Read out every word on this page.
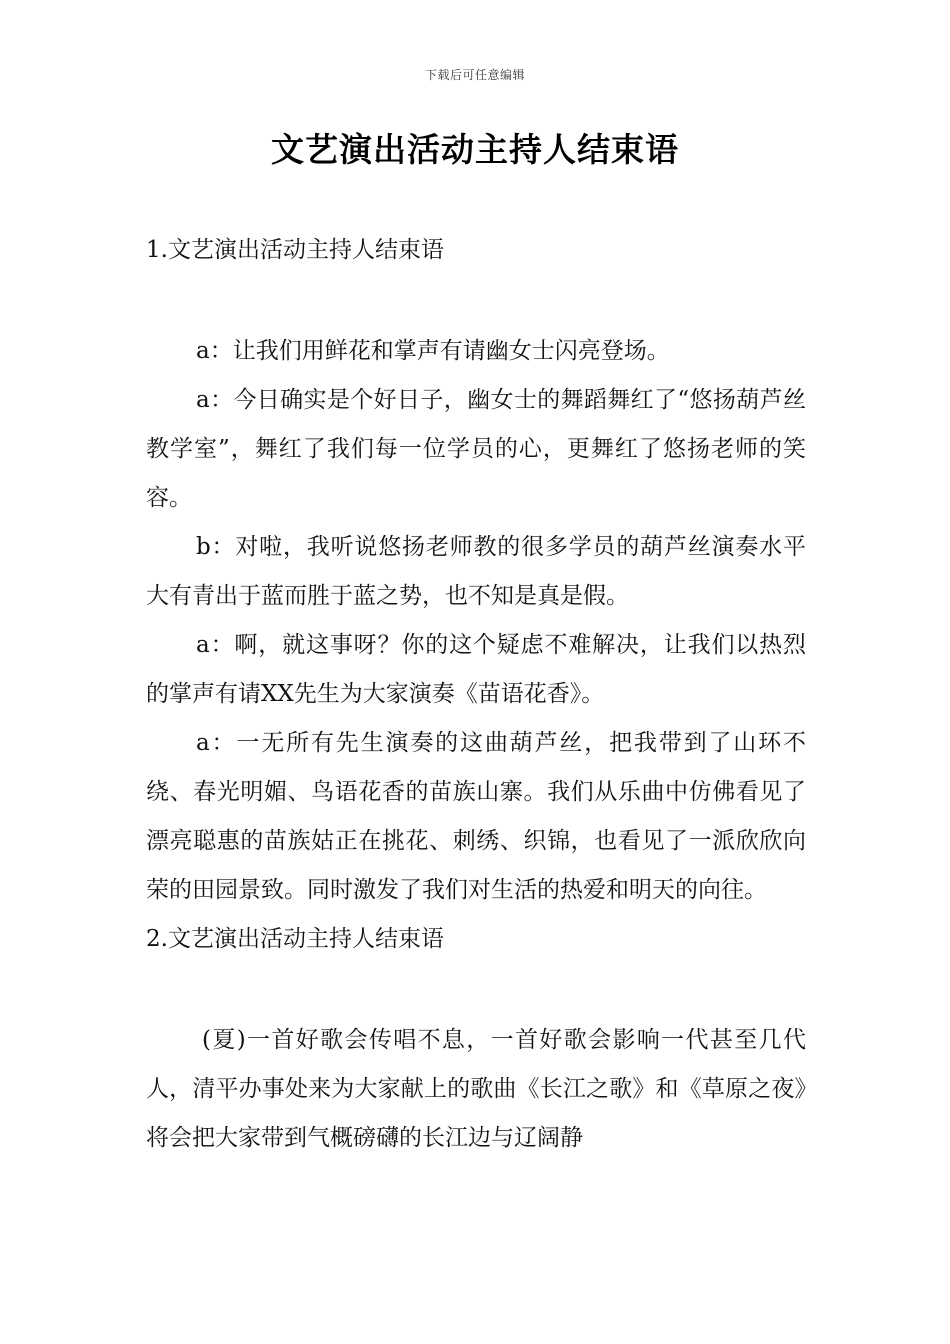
下载后可任意编辑
文艺演出活动主持人结束语

1.文艺演出活动主持人结束语

a：让我们用鲜花和掌声有请幽女士闪亮登场。

a：今日确实是个好日子，幽女士的舞蹈舞红了“悠扬葫芦丝教学室”，舞红了我们每一位学员的心，更舞红了悠扬老师的笑容。

b：对啦，我听说悠扬老师教的很多学员的葫芦丝演奏水平大有青出于蓝而胜于蓝之势，也不知是真是假。

a：啊，就这事呀？你的这个疑虑不难解决，让我们以热烈的掌声有请XX先生为大家演奏《苗语花香》。

a：一无所有先生演奏的这曲葫芦丝，把我带到了山环不绕、春光明媚、鸟语花香的苗族山寨。我们从乐曲中仿佛看见了漂亮聪惠的苗族姑正在挑花、刺绣、织锦，也看见了一派欣欣向荣的田园景致。同时激发了我们对生活的热爱和明天的向往。

2.文艺演出活动主持人结束语

(夏)一首好歌会传唱不息，一首好歌会影响一代甚至几代人，清平办事处来为大家献上的歌曲《长江之歌》和《草原之夜》将会把大家带到气概磅礴的长江边与辽阔静
